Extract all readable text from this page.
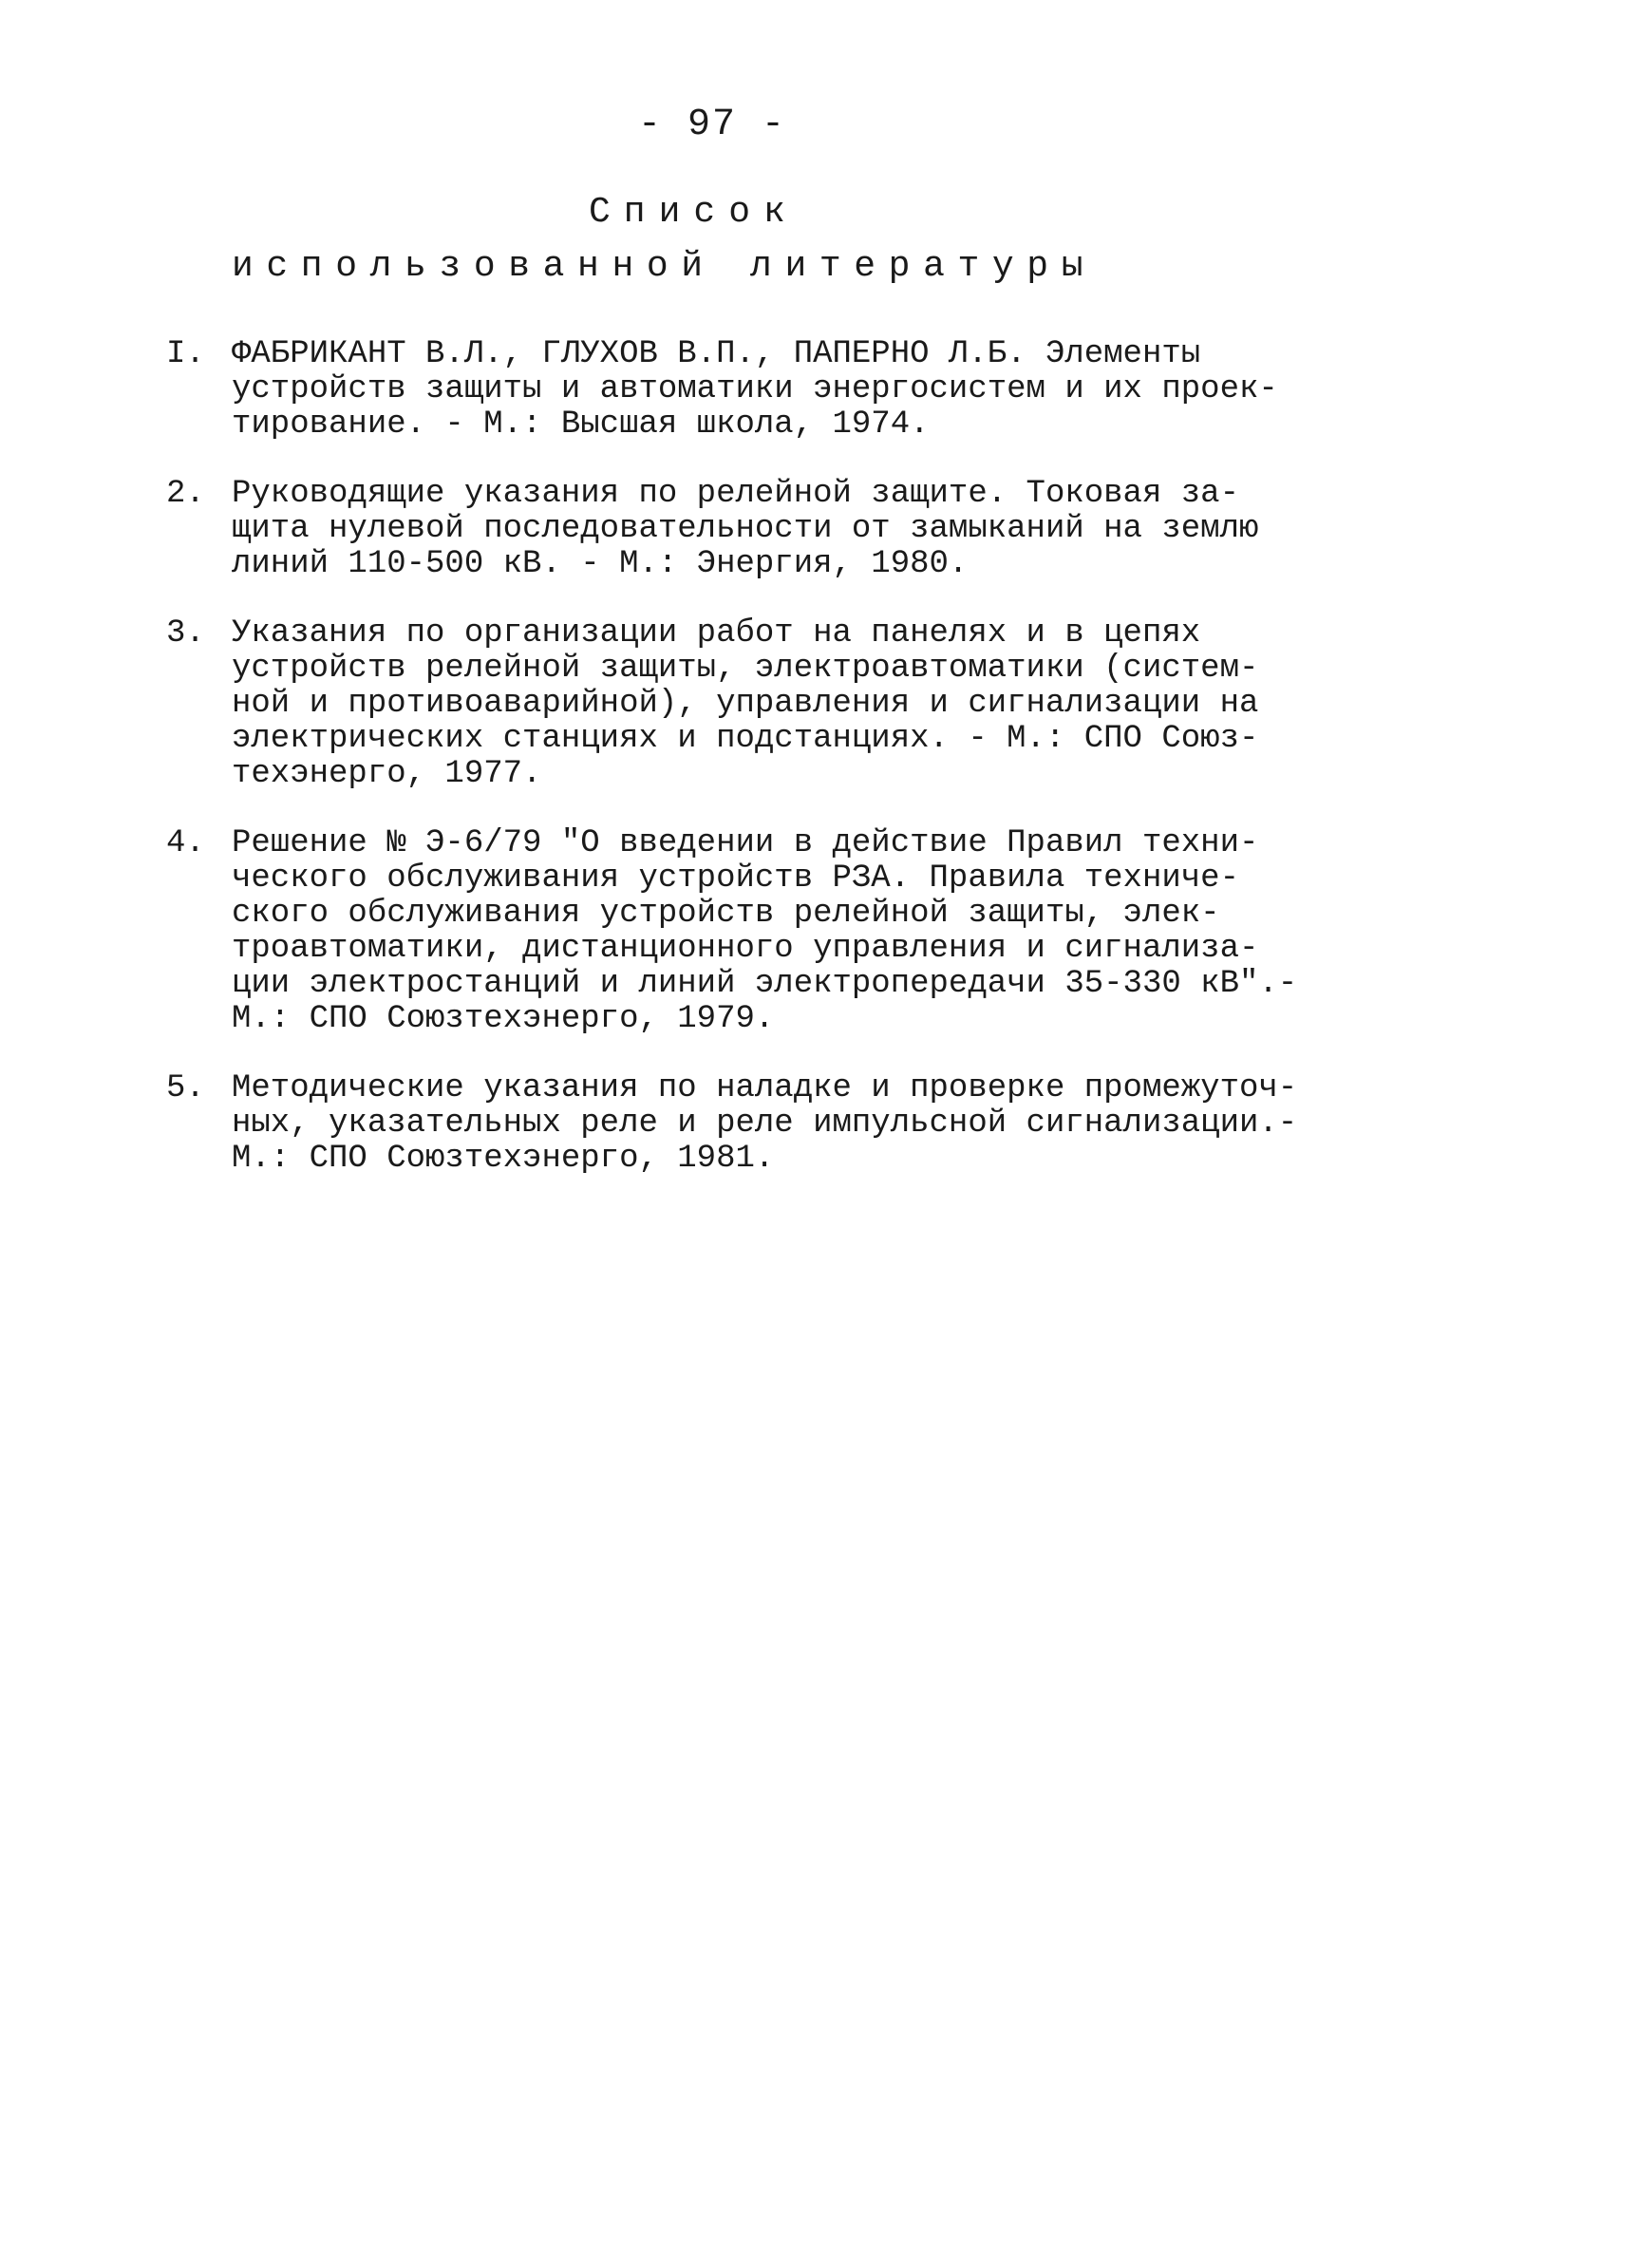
- 97 -
Список
использованной литературы
I. ФАБРИКАНТ В.Л., ГЛУХОВ В.П., ПАПЕРНО Л.Б. Элементы
устройств защиты и автоматики энергосистем и их проек-
тирование. - М.: Высшая школа, 1974.
2. Руководящие указания по релейной защите. Токовая за-
щита нулевой последовательности от замыканий на землю
линий 110-500 кВ. - М.: Энергия, 1980.
3. Указания по организации работ на панелях и в цепях
устройств релейной защиты, электроавтоматики (систем-
ной и противоаварийной), управления и сигнализации на
электрических станциях и подстанциях. - М.: СПО Союз-
техэнерго, 1977.
4. Решение № Э-6/79 "О введении в действие Правил техни-
ческого обслуживания устройств РЗА. Правила техниче-
ского обслуживания устройств релейной защиты, элек-
троавтоматики, дистанционного управления и сигнализа-
ции электростанций и линий электропередачи 35-330 кВ".-
М.: СПО Союзтехэнерго, 1979.
5. Методические указания по наладке и проверке промежуточ-
ных, указательных реле и реле импульсной сигнализации.-
М.: СПО Союзтехэнерго, 1981.
